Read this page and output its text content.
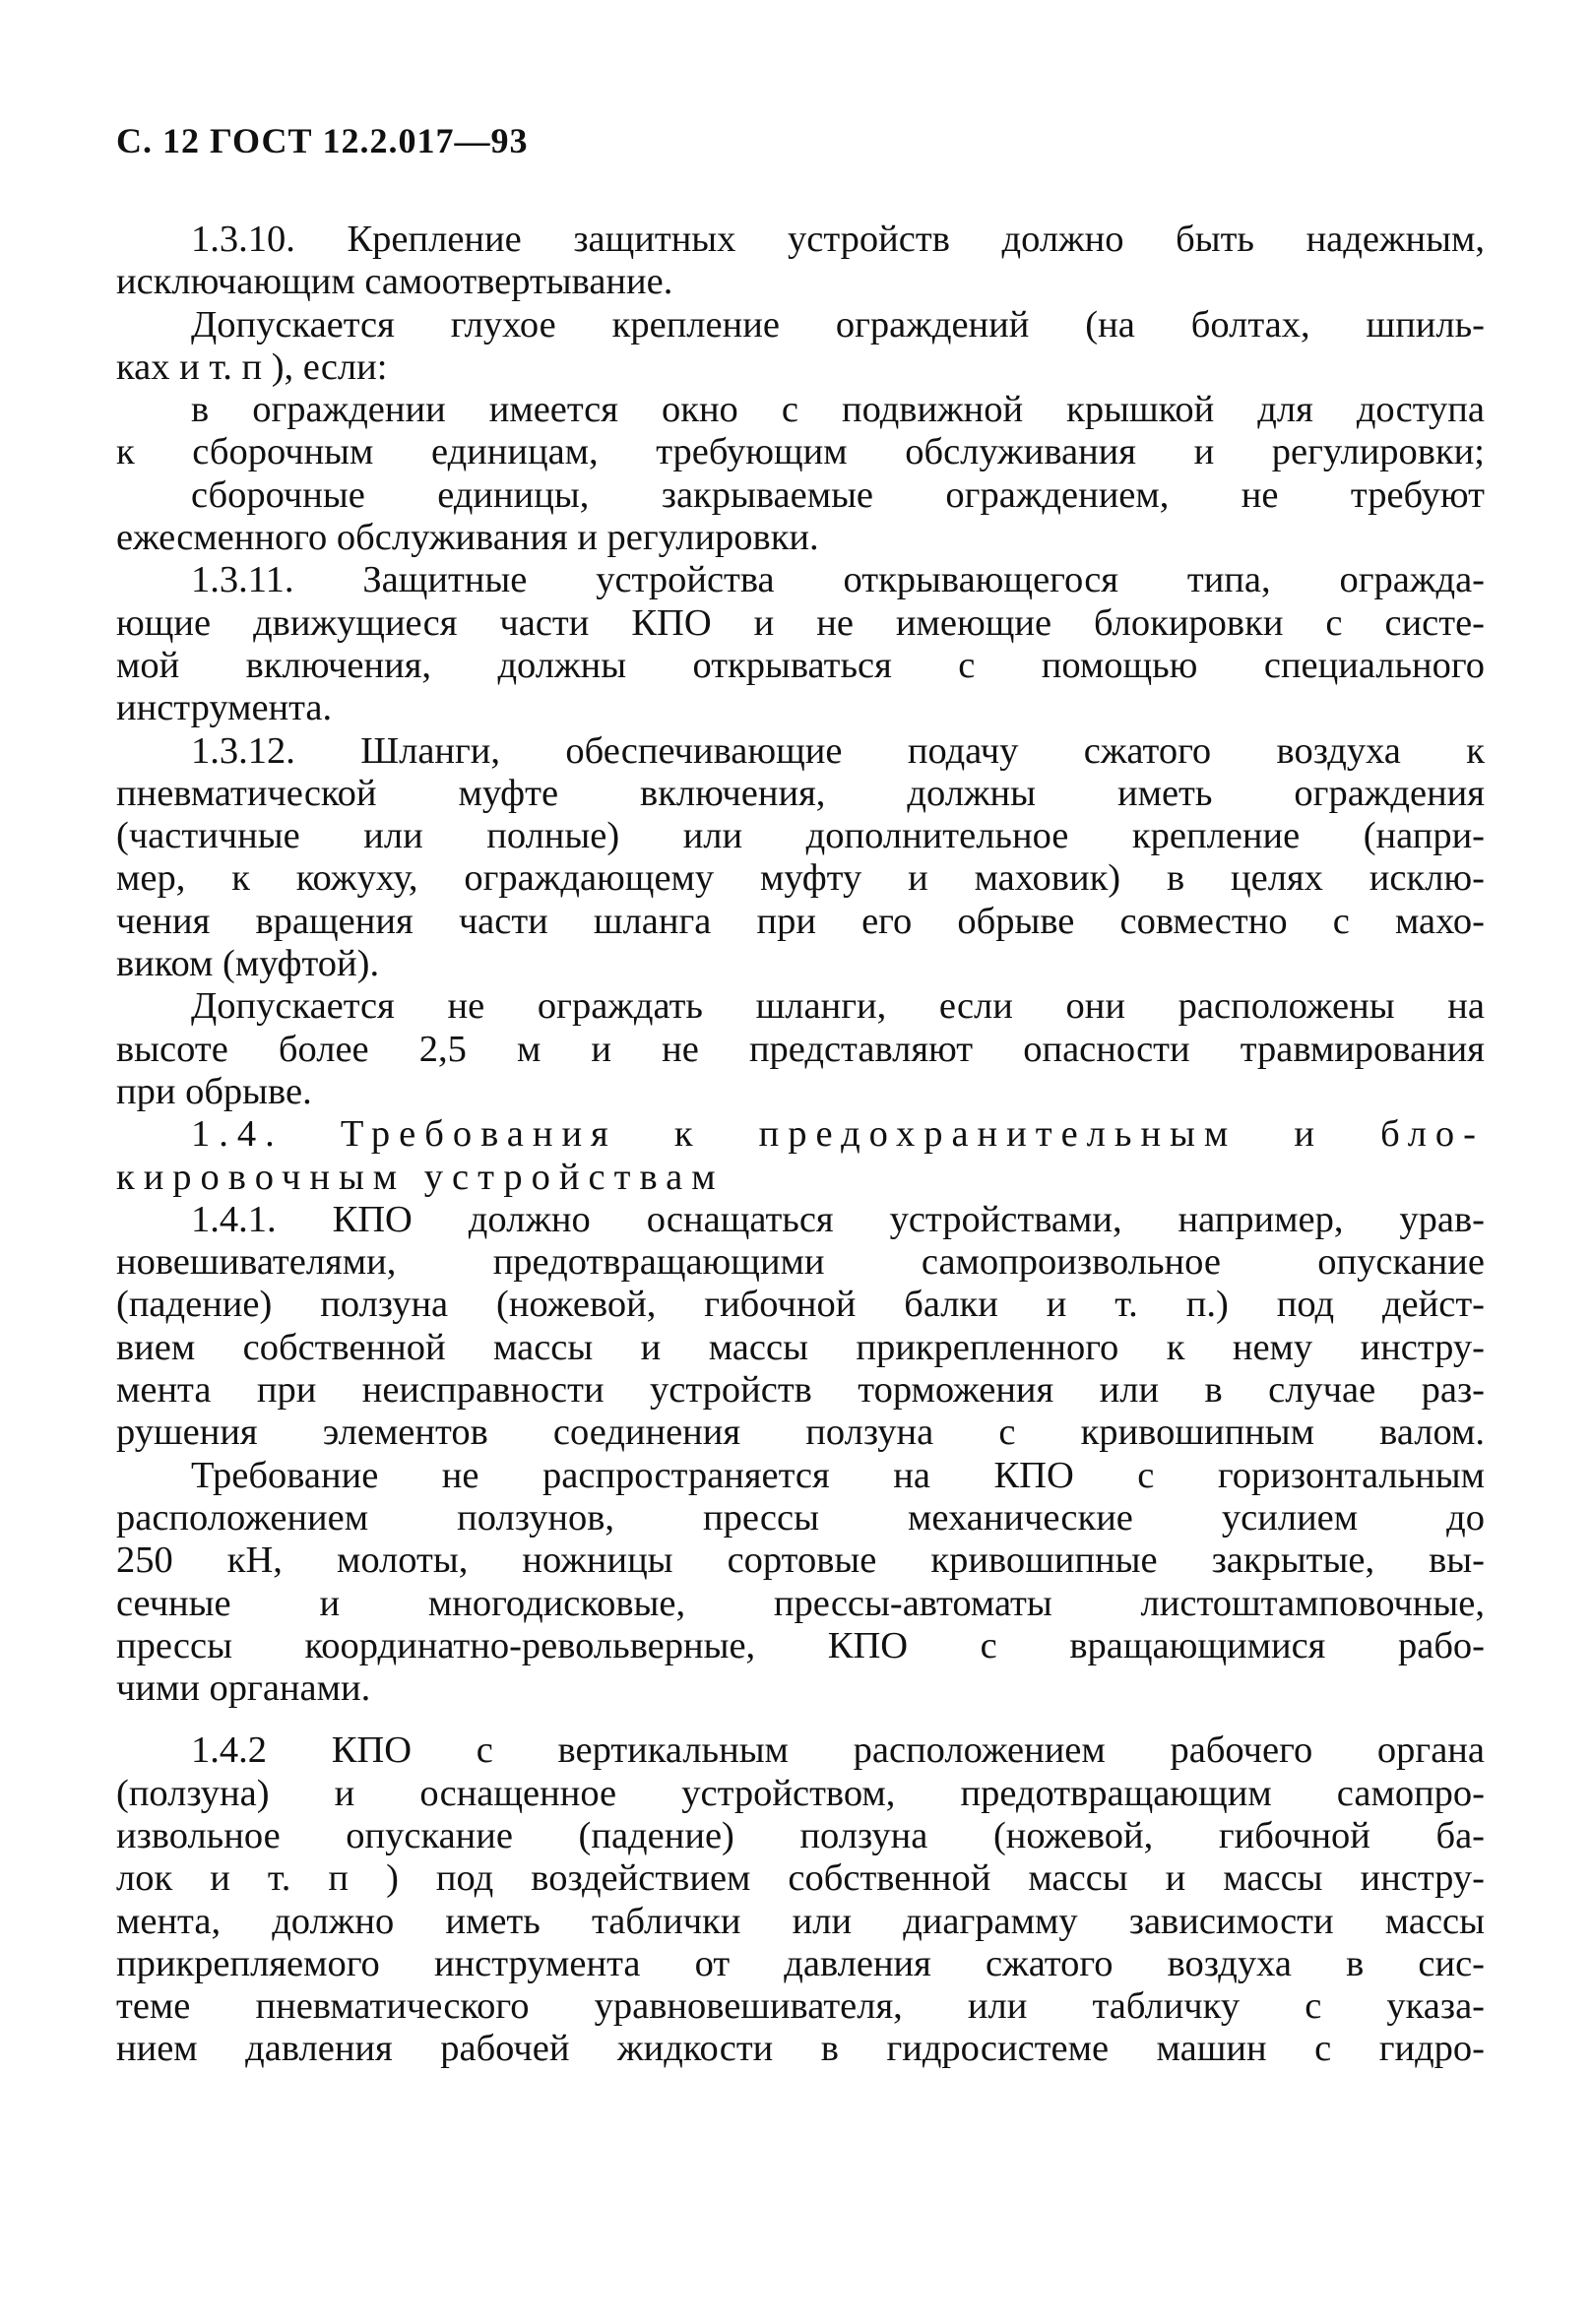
С. 12 ГОСТ 12.2.017—93
1.3.10. Крепление защитных устройств должно быть надежным,
исключающим самоотвертывание.
Допускается глухое крепление ограждений (на болтах, шпиль-
ках и т. п ), если:
в ограждении имеется окно с подвижной крышкой для доступа
к сборочным единицам, требующим обслуживания и регулировки;
сборочные единицы, закрываемые ограждением, не требуют
ежесменного обслуживания и регулировки.
1.3.11. Защитные устройства открывающегося типа, огражда-
ющие движущиеся части КПО и не имеющие блокировки с систе-
мой включения, должны открываться с помощью специального
инструмента.
1.3.12. Шланги, обеспечивающие подачу сжатого воздуха к
пневматической муфте включения, должны иметь ограждения
(частичные или полные) или дополнительное крепление (напри-
мер, к кожуху, ограждающему муфту и маховик) в целях исклю-
чения вращения части шланга при его обрыве совместно с махо-
виком (муфтой).
Допускается не ограждать шланги, если они расположены на
высоте более 2,5 м и не представляют опасности травмирования
при обрыве.
1.4. Требования к предохранительным и бло-
кировочным устройствам
1.4.1. КПО должно оснащаться устройствами, например, урав-
новешивателями, предотвращающими самопроизвольное опускание
(падение) ползуна (ножевой, гибочной балки и т. п.) под дейст-
вием собственной массы и массы прикрепленного к нему инстру-
мента при неисправности устройств торможения или в случае раз-
рушения элементов соединения ползуна с кривошипным валом.
Требование не распространяется на КПО с горизонтальным
расположением ползунов, прессы механические усилием до
250 кН, молоты, ножницы сортовые кривошипные закрытые, вы-
сечные и многодисковые, прессы-автоматы листоштамповочные,
прессы координатно-револьверные, КПО с вращающимися рабо-
чими органами.
1.4.2 КПО с вертикальным расположением рабочего органа
(ползуна) и оснащенное устройством, предотвращающим самопро-
извольное опускание (падение) ползуна (ножевой, гибочной ба-
лок и т. п ) под воздействием собственной массы и массы инстру-
мента, должно иметь таблички или диаграмму зависимости массы
прикрепляемого инструмента от давления сжатого воздуха в сис-
теме пневматического уравновешивателя, или табличку с указа-
нием давления рабочей жидкости в гидросистеме машин с гидро-
